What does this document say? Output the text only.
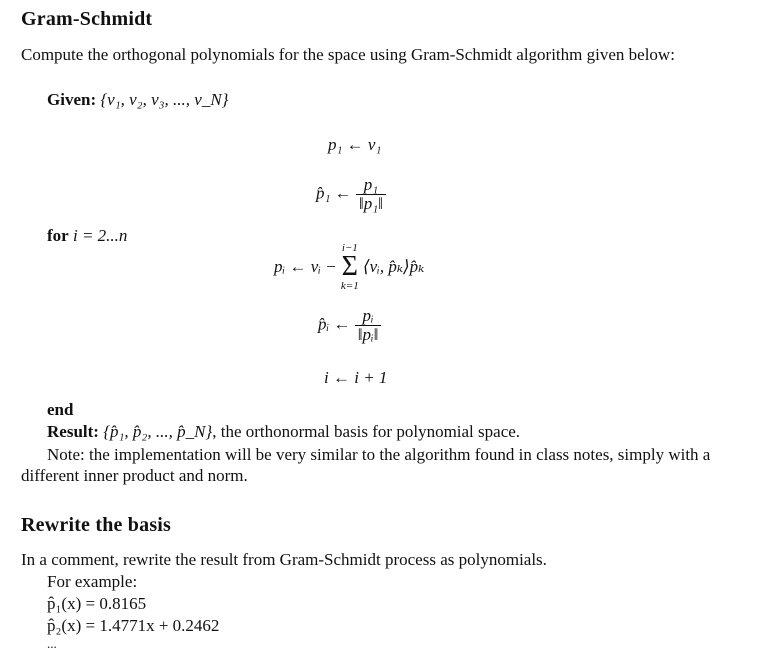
Gram-Schmidt
Compute the orthogonal polynomials for the space using Gram-Schmidt algorithm given below:
Given: {v₁, v₂, v₃, ..., v_N}
p₁ ← v₁
p̂₁ ← $\frac{\text{p₁}}{\text{‖p₁‖}}$
for i = 2...n
pᵢ ← vᵢ −
i−1
Σ
k=1
⟨vᵢ, p̂ₖ⟩p̂ₖ
p̂ᵢ ← $\frac{\text{pᵢ}}{\text{‖pᵢ‖}}$
i ← i + 1
end
Result: {p̂₁, p̂₂, ..., p̂_N}, the orthonormal basis for polynomial space.
Note: the implementation will be very similar to the algorithm found in class notes, simply with a different inner product and norm.
Rewrite the basis
In a comment, rewrite the result from Gram-Schmidt process as polynomials.
For example:
p̂₁(x) = 0.8165
p̂₂(x) = 1.4771x + 0.2462
...
